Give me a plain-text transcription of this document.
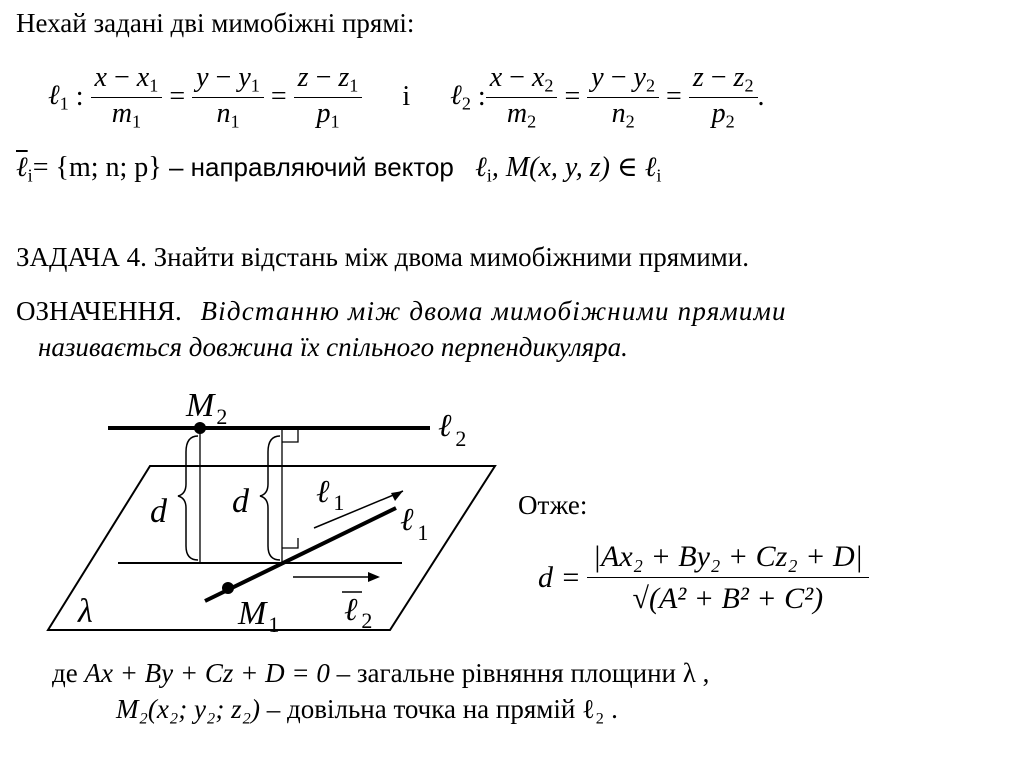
Нехай задані дві мимобіжні прямі:
ℓ$_1$ : $\frac{x - x_1}{m_1} = \frac{y - y_1}{n_1} = \frac{z - z_1}{p_1}$ і ℓ$_2$ : $\frac{x - x_2}{m_2} = \frac{y - y_2}{n_2} = \frac{z - z_2}{p_2}$ .
ℓ$_i$= {m; n; p} – направляючий вектор   ℓ$_i$, M(x, y, z) ∈ ℓ$_i$
ЗАДАЧА 4. Знайти відстань між двома мимобіжними прямими.
ОЗНАЧЕННЯ. Відстанню між двома мимобіжними прямими
називається довжина їх спільного перпендикуляра.
$M_2$	ℓ $_2$
d d ℓ $_1$ ℓ $_1$
$M_1$ ℓ $_2$
λ
Отже:
$d = \frac{\text{|Ax₂ + By₂ + Cz₂ + D|}}{\text{√(A² + B² + C²)}}$
де Ax + By + Cz + D = 0 – загальне рівняння площини λ ,
M₂(x₂; y₂; z₂) – довільна точка на прямій ℓ₂ .
